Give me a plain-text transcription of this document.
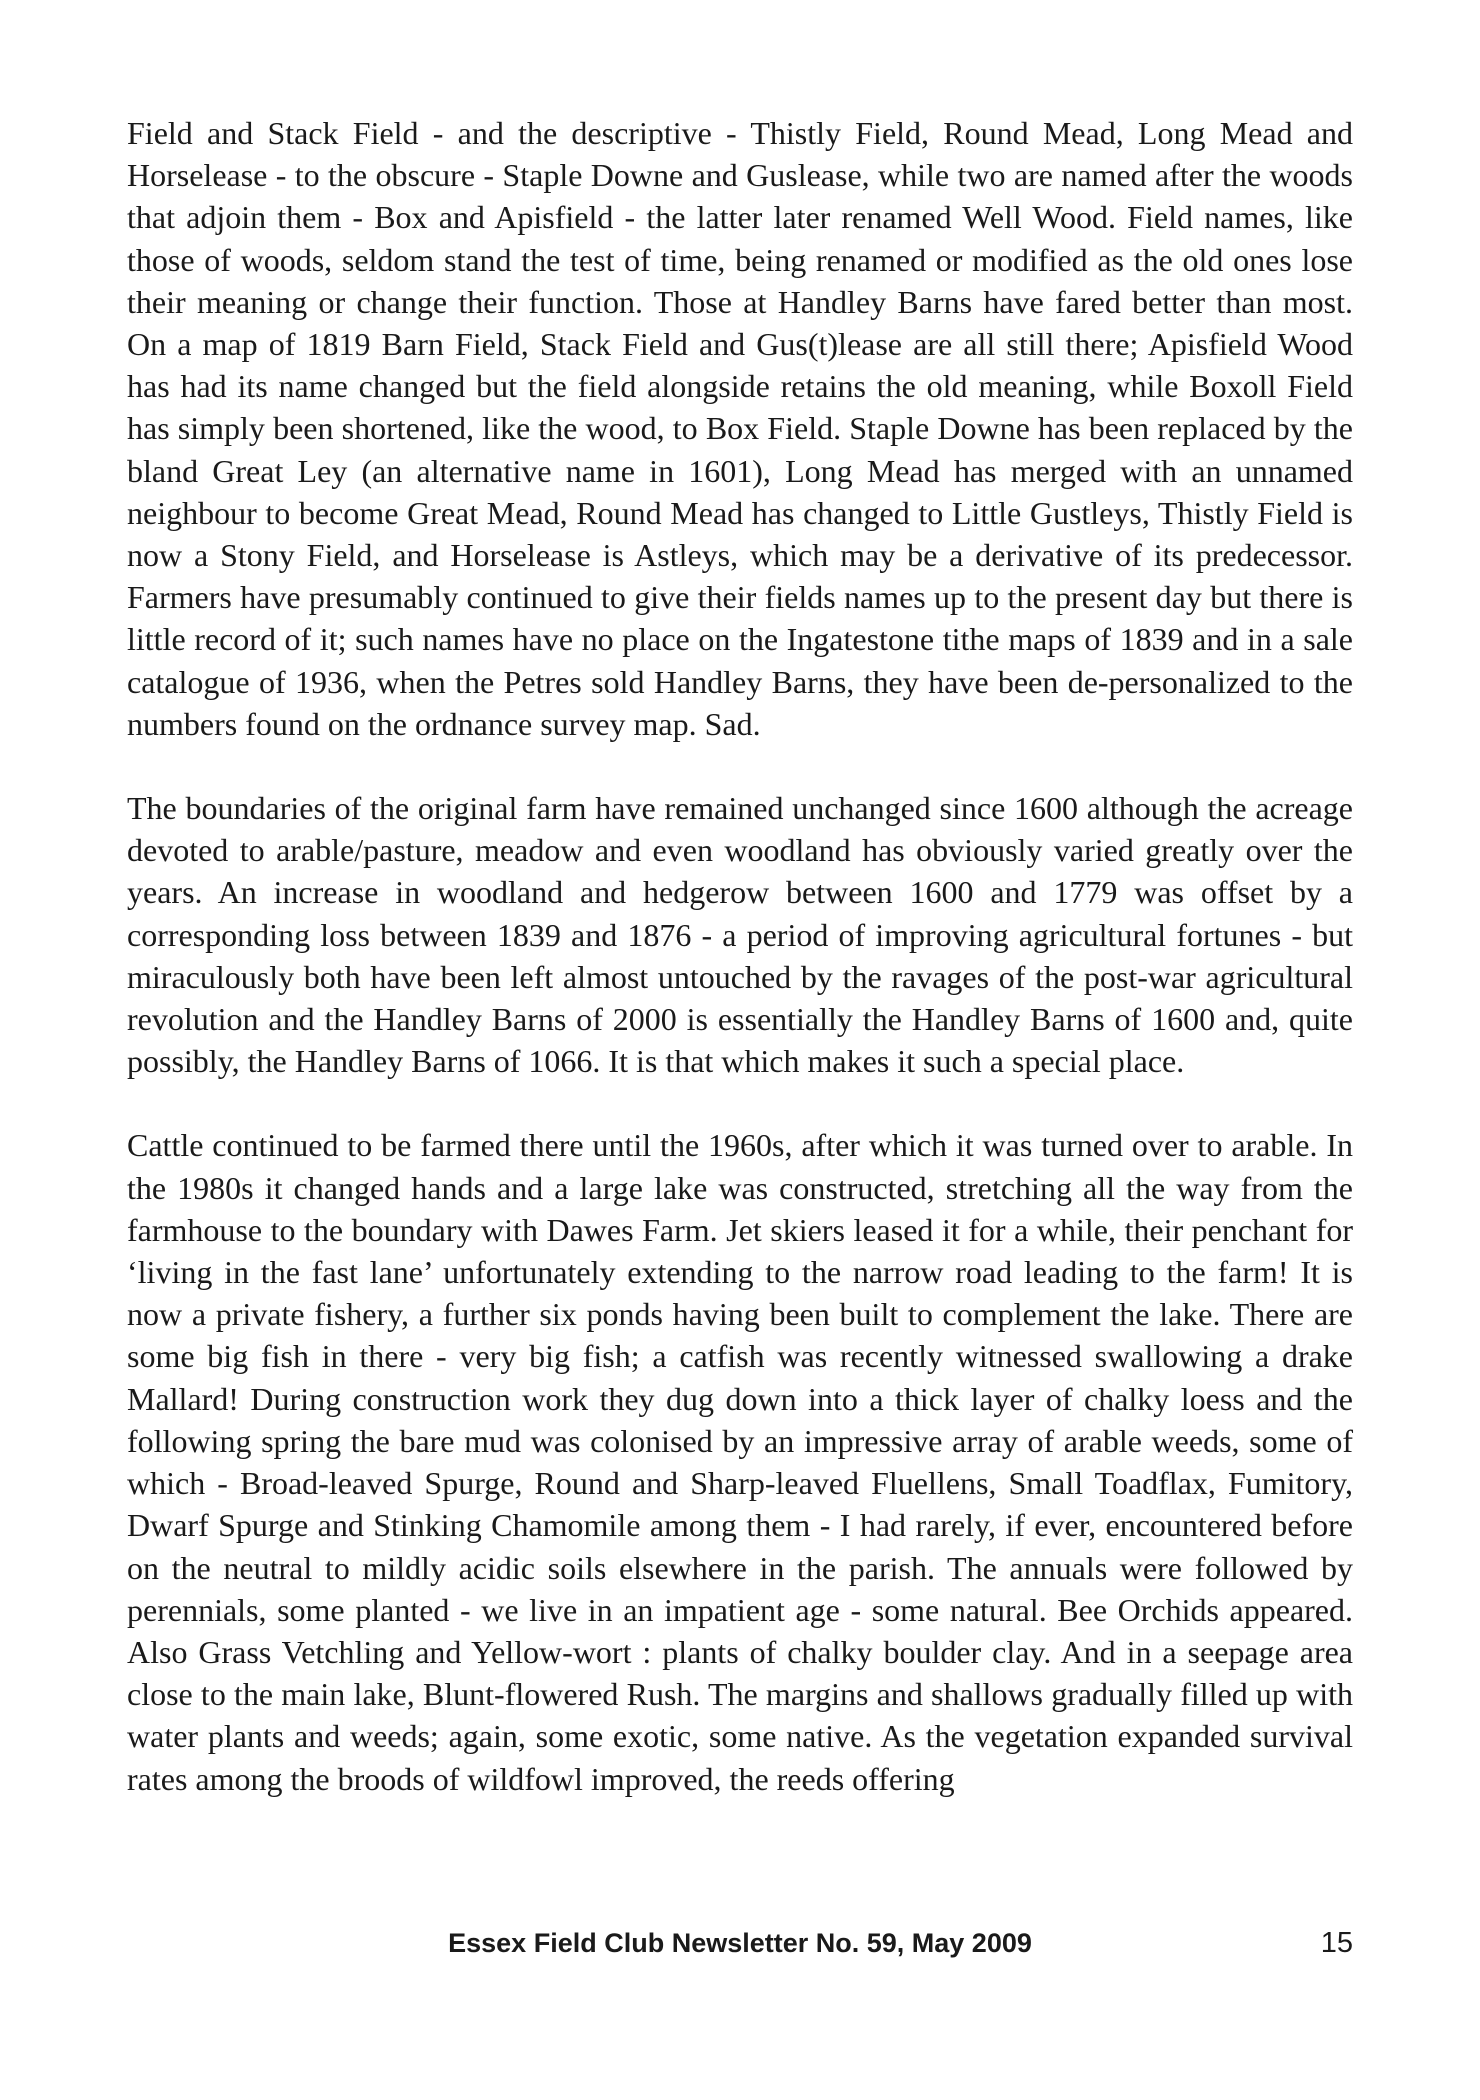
Field and Stack Field - and the descriptive - Thistly Field, Round Mead, Long Mead and Horselease - to the obscure - Staple Downe and Guslease, while two are named after the woods that adjoin them - Box and Apisfield - the latter later renamed Well Wood. Field names, like those of woods, seldom stand the test of time, being renamed or modified as the old ones lose their meaning or change their function. Those at Handley Barns have fared better than most. On a map of 1819 Barn Field, Stack Field and Gus(t)lease are all still there; Apisfield Wood has had its name changed but the field alongside retains the old meaning, while Boxoll Field has simply been shortened, like the wood, to Box Field. Staple Downe has been replaced by the bland Great Ley (an alternative name in 1601), Long Mead has merged with an unnamed neighbour to become Great Mead, Round Mead has changed to Little Gustleys, Thistly Field is now a Stony Field, and Horselease is Astleys, which may be a derivative of its predecessor. Farmers have presumably continued to give their fields names up to the present day but there is little record of it; such names have no place on the Ingatestone tithe maps of 1839 and in a sale catalogue of 1936, when the Petres sold Handley Barns, they have been de-personalized to the numbers found on the ordnance survey map. Sad.

The boundaries of the original farm have remained unchanged since 1600 although the acreage devoted to arable/pasture, meadow and even woodland has obviously varied greatly over the years. An increase in woodland and hedgerow between 1600 and 1779 was offset by a corresponding loss between 1839 and 1876 - a period of improving agricultural fortunes - but miraculously both have been left almost untouched by the ravages of the post-war agricultural revolution and the Handley Barns of 2000 is essentially the Handley Barns of 1600 and, quite possibly, the Handley Barns of 1066. It is that which makes it such a special place.

Cattle continued to be farmed there until the 1960s, after which it was turned over to arable. In the 1980s it changed hands and a large lake was constructed, stretching all the way from the farmhouse to the boundary with Dawes Farm. Jet skiers leased it for a while, their penchant for ‘living in the fast lane’ unfortunately extending to the narrow road leading to the farm! It is now a private fishery, a further six ponds having been built to complement the lake. There are some big fish in there - very big fish; a catfish was recently witnessed swallowing a drake Mallard! During construction work they dug down into a thick layer of chalky loess and the following spring the bare mud was colonised by an impressive array of arable weeds, some of which - Broad-leaved Spurge, Round and Sharp-leaved Fluellens, Small Toadflax, Fumitory, Dwarf Spurge and Stinking Chamomile among them - I had rarely, if ever, encountered before on the neutral to mildly acidic soils elsewhere in the parish. The annuals were followed by perennials, some planted - we live in an impatient age - some natural. Bee Orchids appeared. Also Grass Vetchling and Yellow-wort : plants of chalky boulder clay. And in a seepage area close to the main lake, Blunt-flowered Rush. The margins and shallows gradually filled up with water plants and weeds; again, some exotic, some native. As the vegetation expanded survival rates among the broods of wildfowl improved, the reeds offering

Essex Field Club Newsletter No. 59, May 2009	15
